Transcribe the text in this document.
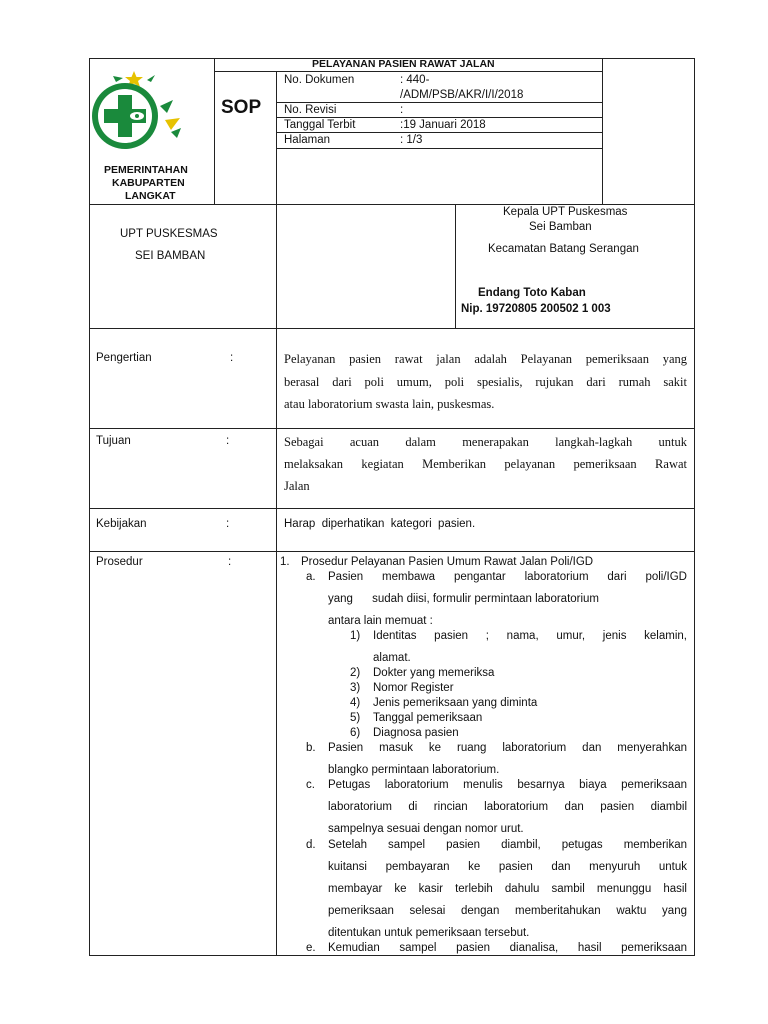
PEMERINTAHAN
KABUPARTEN
LANGKAT
SOP
PELAYANAN PASIEN RAWAT JALAN
No. Dokumen	: 440-
/ADM/PSB/AKR/I/I/2018
No. Revisi	:
Tanggal Terbit	:19 Januari 2018
Halaman	: 1/3
UPT PUSKESMAS
SEI BAMBAN
Kepala UPT Puskesmas
Sei Bamban
Kecamatan Batang Serangan
Endang Toto Kaban
Nip. 19720805 200502 1 003
Pengertian	:	Pelayanan pasien rawat jalan adalah Pelayanan pemeriksaan yang
berasal dari poli umum, poli spesialis, rujukan dari rumah sakit
atau laboratorium swasta lain, puskesmas.
Tujuan	:	Sebagai acuan dalam menerapakan langkah-lagkah untuk
melaksakan kegiatan Memberikan pelayanan pemeriksaan Rawat
Jalan
Kebijakan	:	Harap  diperhatikan  kategori  pasien.
Prosedur	:	1. Prosedur Pelayanan Pasien Umum Rawat Jalan Poli/IGD
a. Pasien membawa pengantar laboratorium dari poli/IGD
yang      sudah diisi, formulir permintaan laboratorium
antara lain memuat :
1) Identitas pasien ; nama, umur, jenis kelamin,
alamat.
2) Dokter yang memeriksa
3) Nomor Register
4) Jenis pemeriksaan yang diminta
5) Tanggal pemeriksaan
6) Diagnosa pasien
b. Pasien masuk ke ruang laboratorium dan menyerahkan
blangko permintaan laboratorium.
c. Petugas laboratorium menulis besarnya biaya pemeriksaan
laboratorium di rincian laboratorium dan pasien diambil
sampelnya sesuai dengan nomor urut.
d. Setelah sampel pasien diambil, petugas memberikan
kuitansi pembayaran ke pasien dan menyuruh untuk
membayar ke kasir terlebih dahulu sambil menunggu hasil
pemeriksaan selesai dengan memberitahukan waktu yang
ditentukan untuk pemeriksaan tersebut.
e. Kemudian sampel pasien dianalisa, hasil pemeriksaan
